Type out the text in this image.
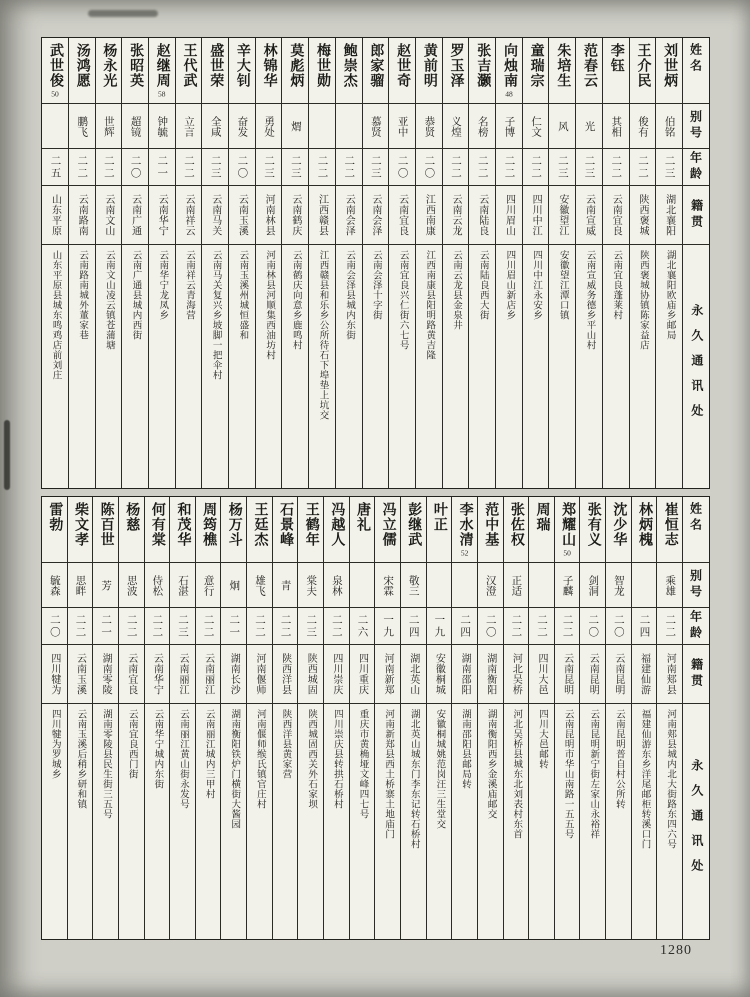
姓名
别号
年龄
籍贯
永久通讯处
刘世炳
伯铭
二三
湖北襄阳
湖北襄阳欧庙乡邮局
王介民
俊有
二二
陕西褒城
陕西褒城协镇陈家益店
李钰
其相
二二
云南宜良
云南宜良蓬莱村
范春云
光
二三
云南宣威
云南宣威务德乡平山村
朱培生
风
二三
安徽望江
安徽望江潭口镇
童瑞宗
仁文
二二
四川中江
四川中江永安乡
向烛南
48
子博
二二
四川眉山
四川眉山新店乡
张吉灏
名榜
二二
云南陆良
云南陆良西大街
罗玉泽
义煌
二二
云南云龙
云南云龙县金泉井
黄前明
恭贤
二〇
江西南康
江西南康县阳明路黄吉隆
赵世奇
亚中
二〇
云南宜良
云南宜良兴仁街六七号
郎家骝
慕贤
二三
云南会泽
云南会泽十字街
鲍崇杰
二二
云南会泽
云南会泽县城内东街
梅世勋
二二
江西赣县
江西赣县和乐乡公所待石下埠垫上坑交
莫彪炳
煟
二三
云南鹤庆
云南鹤庆向意乡鹿鸣村
林锦华
勇处
二三
河南林县
河南林县河顺集西油坊村
辛大钊
奋发
二〇
云南玉溪
云南玉溪州城恒盛和
盛世荣
全咸
二三
云南马关
云南马关复兴乡坡脚一把伞村
王代武
立言
二二
云南祥云
云南祥云青海营
赵继周
58
钟毓
二一
云南华宁
云南华宁龙凤乡
张昭英
超镜
二〇
云南广通
云南广通县城内西街
杨永光
世辉
二二
云南文山
云南文山凌云镇苍蒲塘
汤鸿愿
鹏飞
二二
云南路南
云南路南城外董家巷
武世俊
50
二五
山东平原
山东平原县城东鸣鸡店前刘庄
姓名
别号
年龄
籍贯
永久通讯处
崔恒志
乘雄
二二
河南郏县
河南郏县城内北大街路东四六号
林炳槐
二四
福建仙游
福建仙游东乡洋尾邮柜转溪口门
沈少华
智龙
二〇
云南昆明
云南昆明普自村公所转
张有义
剑洞
二〇
云南昆明
云南昆明新宁街左家山永裕祥
郑耀山
50
子麟
二二
云南昆明
云南昆明市华山南路一五五号
周瑞
二二
四川大邑
四川大邑邮转
张佐权
正适
二二
河北吴桥
河北吴桥县城东北刘表村东首
范中基
汉澄
二〇
湖南衡阳
湖南衡阳西乡金溪庙邮交
李水清
52
二四
湖南邵阳
湖南邵阳县邮局转
叶正
一九
安徽桐城
安徽桐城姚范岗汪三生堂交
彭继武
敬三
二四
湖北英山
湖北英山城东门李东记转石桥村
冯立儒
宋霖
一九
河南新郑
河南新郑县西土桥寨土地庙门
唐礼
二六
四川重庆
重庆市黄桷垭文峰四七号
冯越人
泉林
二二
四川崇庆
四川崇庆县转拱石桥村
王鹤年
棠夫
二三
陕西城固
陕西城固西关外石家坝
石景峰
青
二二
陕西洋县
陕西洋县黄家营
王廷杰
雄飞
二二
河南偃师
河南偃师缑氏镇官庄村
杨万斗
炯
二一
湖南长沙
湖南衡阳铁炉门横街大酱园
周筠樵
意行
二二
云南丽江
云南丽江城内三甲村
和茂华
石湛
二三
云南丽江
云南丽江黄山街永发号
何有棠
侍松
二二
云南华宁
云南华宁城内东街
杨慈
思波
二二
云南宜良
云南宜良西门街
陈百世
芳
二一
湖南零陵
湖南零陵县民生街三五号
柴文孝
思畔
二二
云南玉溪
云南玉溪后稍乡研和镇
雷勃
毓森
二〇
四川犍为
四川犍为罗城乡
1280
